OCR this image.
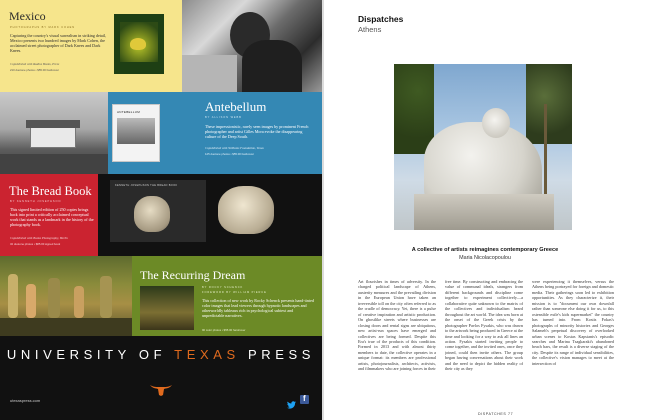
Mexico
PHOTOGRAPHS BY MARK COHEN
Capturing the country's visual surrealism in striking detail, Mexico presents two hundred images by Mark Cohen, the acclaimed street photographer of Dark Knees and Dark Knees.
Copublished with Radius Books, Press
210 duotone photos • $55.00 hardcover
ANTEBELLUM	Antebellum
BY ALLISON WEBB
These impressionistic, rarely seen images by prominent French photographer and artist Gilles Mora evoke the disappearing culture of the Deep South.
Copublished with Williams Foundation, Texas
125 duotone photos • $55.00 hardcover
The Bread Book
BY KENNETH JOSEPHSON
This signed limited edition of 250 copies brings back into print a critically acclaimed conceptual work that stands as a landmark in the history of the photography book.
Copublished with Books Photography, Berlin
32 duotone photos • $85.00 signed book
KENNETH JOSEPHSON THE BREAD BOOK
The Recurring Dream
BY ROCKY SCHENCK
FOREWORD BY WILLIAM PIERCE
This collection of new work by Rocky Schenck presents hand-tinted color images that lead viewers through hypnotic landscapes and otherworldly tableaux rich in psychological subtext and unpredictable narratives.
90 color photos • $55.00 hardcover
UNIVERSITY OF TEXAS PRESS
utexaspress.com	f
Dispatches
Athens
A collective of artists reimagines contemporary Greece
Maria Nicolacopoulou
Art flourishes in times of adversity. In the charged political landscape of Athens, austerity measures and the prevailing division in the European Union have taken an irreversible toll on the city often referred to as the cradle of democracy. Yet, there is a pulse of creative inspiration and artistic production. On ghostlike streets where businesses are closing doors and rental signs are ubiquitous, new artist-run spaces have emerged and collectives are being formed. Despite this Era's true of the products of this condition. Formed in 2013 and with almost thirty members to date, the collective operates in a unique format: its members are professional artists, photojournalists, architects, activists, and filmmakers who are joining forces in their
free time. By constructing and embracing the value of communal ideals, strangers from different backgrounds and discipline come together to experiment collectively—a collaborative quite unknown to the matrix of the collectives and individualism heard throughout the art world. The idea was born at the onset of the Greek crisis by the photographer Pavlos Fysakis, who was drawn to the artwork being produced in Greece at the time and looking for a way to ask all lines an action. Fysakis started inviting people to come together, and the invited ones, once they joined, could then invite others. The group began having conversations about their work and the need to depict the hidden reality of their city as they
were experiencing it themselves, versus the Athens being portrayed for foreign and domestic media. Their gatherings soon led to exhibition opportunities. As they characterize it, their mission is to "document our own downfall rather than someone else doing it for us, to this ostensible exile's kids supermarket" the country has turned into. From Kostis Fokas's photographs of minority histories and Georges Salameh's perpetual discovery of overlooked urban scenes to Kostas Kapsianis's episodic searches and Marina Tsagkaraki's abandoned beach bars, the result is a diverse staging of the city. Despite its range of individual sensibilities, the collective's vision manages to meet at the intersection of
DISPATCHES 77
